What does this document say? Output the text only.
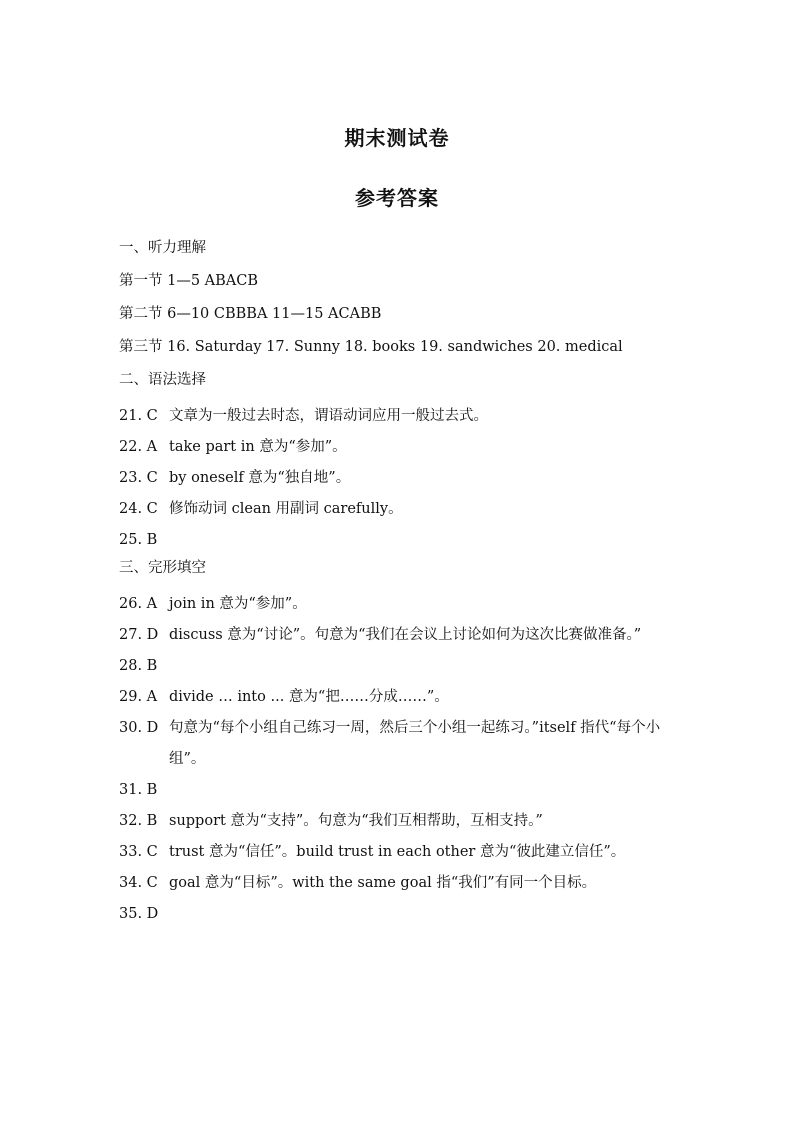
期末测试卷
参考答案
一、听力理解
第一节 1—5 ABACB
第二节 6—10 CBBBA 11—15 ACABB
第三节 16. Saturday 17. Sunny 18. books 19. sandwiches 20. medical
二、语法选择
21. C 文章为一般过去时态，谓语动词应用一般过去式。
22. A take part in 意为“参加”。
23. C by oneself 意为“独自地”。
24. C 修饰动词 clean 用副词 carefully。
25. B
三、完形填空
26. A join in 意为“参加”。
27. D discuss 意为“讨论”。句意为“我们在会议上讨论如何为这次比赛做准备。”
28. B
29. A divide … into ... 意为“把……分成……”。
30. D 句意为“每个小组自己练习一周，然后三个小组一起练习。”itself 指代“每个小组”。
31. B
32. B support 意为“支持”。句意为“我们互相帮助，互相支持。”
33. C trust 意为“信任”。build trust in each other 意为“彼此建立信任”。
34. C goal 意为“目标”。with the same goal 指“我们”有同一个目标。
35. D
